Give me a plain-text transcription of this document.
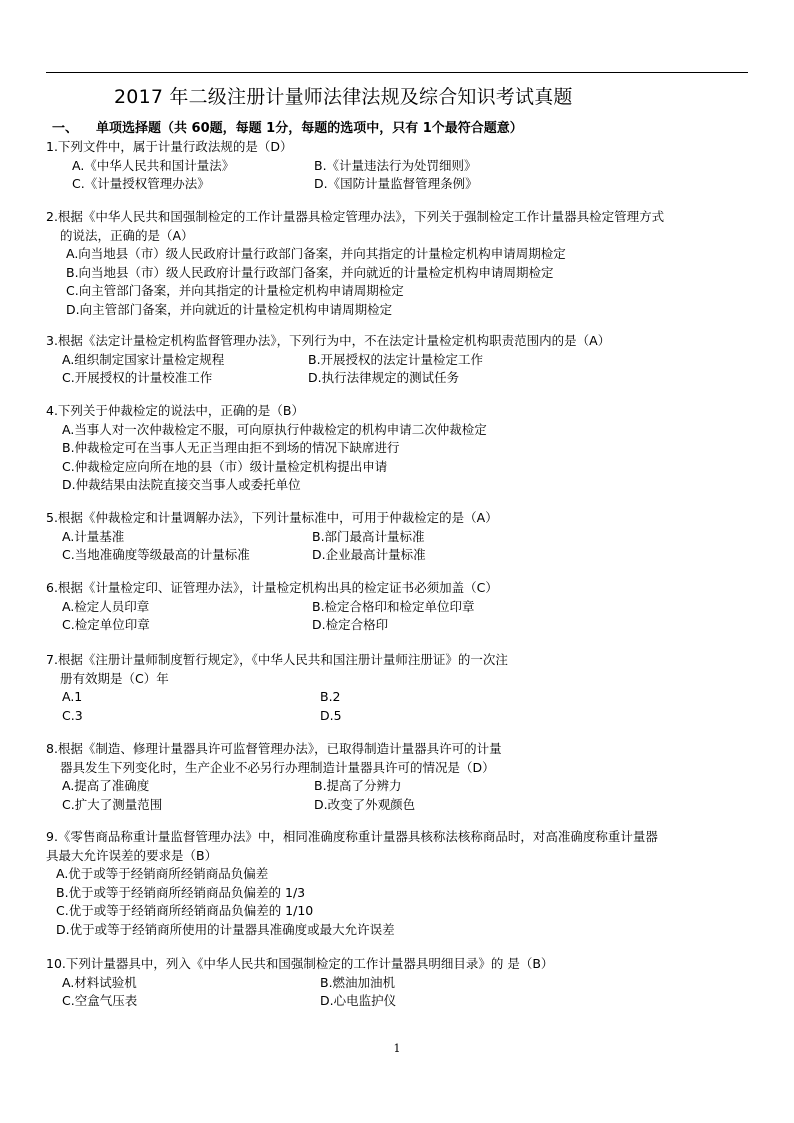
2017 年二级注册计量师法律法规及综合知识考试真题
一、 单项选择题（共 60题，每题 1分，每题的选项中，只有 1个最符合题意）
1.下列文件中，属于计量行政法规的是（D）
A.《中华人民共和国计量法》	B.《计量违法行为处罚细则》
C.《计量授权管理办法》	D.《国防计量监督管理条例》
2.根据《中华人民共和国强制检定的工作计量器具检定管理办法》，下列关于强制检定工作计量器具检定管理方式
的说法，正确的是（A）
A.向当地县（市）级人民政府计量行政部门备案，并向其指定的计量检定机构申请周期检定
B.向当地县（市）级人民政府计量行政部门备案，并向就近的计量检定机构申请周期检定
C.向主管部门备案，并向其指定的计量检定机构申请周期检定
D.向主管部门备案，并向就近的计量检定机构申请周期检定
3.根据《法定计量检定机构监督管理办法》，下列行为中，不在法定计量检定机构职责范围内的是（A）
A.组织制定国家计量检定规程	B.开展授权的法定计量检定工作
C.开展授权的计量校准工作	D.执行法律规定的测试任务
4.下列关于仲裁检定的说法中，正确的是（B）
A.当事人对一次仲裁检定不服，可向原执行仲裁检定的机构申请二次仲裁检定
B.仲裁检定可在当事人无正当理由拒不到场的情况下缺席进行
C.仲裁检定应向所在地的县（市）级计量检定机构提出申请
D.仲裁结果由法院直接交当事人或委托单位
5.根据《仲裁检定和计量调解办法》，下列计量标准中，可用于仲裁检定的是（A）
A.计量基准	B.部门最高计量标准
C.当地准确度等级最高的计量标准	D.企业最高计量标准
6.根据《计量检定印、证管理办法》，计量检定机构出具的检定证书必须加盖（C）
A.检定人员印章	B.检定合格印和检定单位印章
C.检定单位印章	D.检定合格印
7.根据《注册计量师制度暂行规定》，《中华人民共和国注册计量师注册证》的一次注
册有效期是（C）年
A.1	B.2
C.3	D.5
8.根据《制造、修理计量器具许可监督管理办法》，已取得制造计量器具许可的计量
器具发生下列变化时，生产企业不必另行办理制造计量器具许可的情况是（D）
A.提高了准确度	B.提高了分辨力
C.扩大了测量范围	D.改变了外观颜色
9.《零售商品称重计量监督管理办法》中，相同准确度称重计量器具核称法核称商品时，对高准确度称重计量器
具最大允许误差的要求是（B）
A.优于或等于经销商所经销商品负偏差
B.优于或等于经销商所经销商品负偏差的 1/3
C.优于或等于经销商所经销商品负偏差的 1/10
D.优于或等于经销商所使用的计量器具准确度或最大允许误差
10.下列计量器具中，列入《中华人民共和国强制检定的工作计量器具明细目录》的 是（B）
A.材料试验机	B.燃油加油机
C.空盒气压表	D.心电监护仪
1
